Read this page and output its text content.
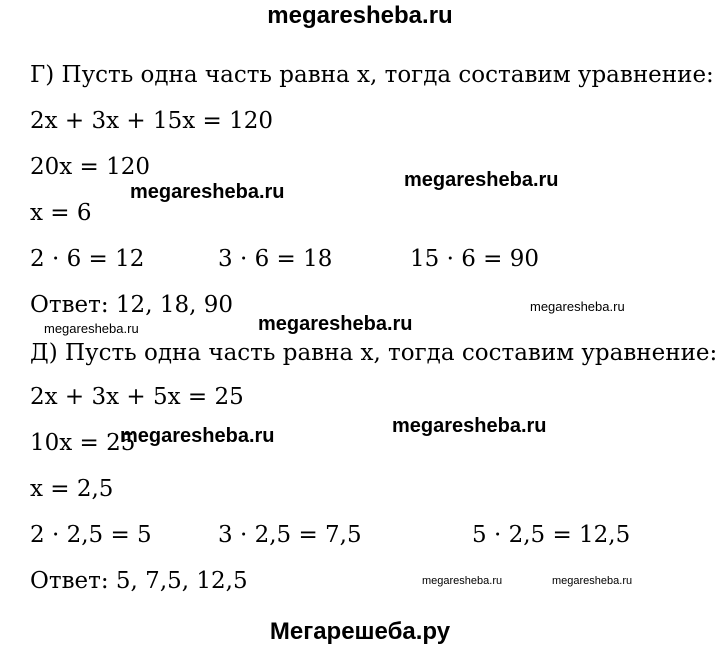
megaresheba.ru
Г) Пусть одна часть равна х, тогда составим уравнение:
2x + 3x + 15x = 120
20x = 120
x = 6
2 · 6 = 12	3 · 6 = 18	15 · 6 = 90
Ответ: 12, 18, 90
Д) Пусть одна часть равна х, тогда составим уравнение:
2x + 3x + 5x = 25
10x = 25
x = 2,5
2 · 2,5 = 5	3 · 2,5 = 7,5	5 · 2,5 = 12,5
Ответ: 5, 7,5, 12,5
megaresheba.ru
megaresheba.ru
megaresheba.ru
megaresheba.ru
megaresheba.ru
megaresheba.ru	megaresheba.ru
megaresheba.ru	megaresheba.ru
Мегарешеба.ру
